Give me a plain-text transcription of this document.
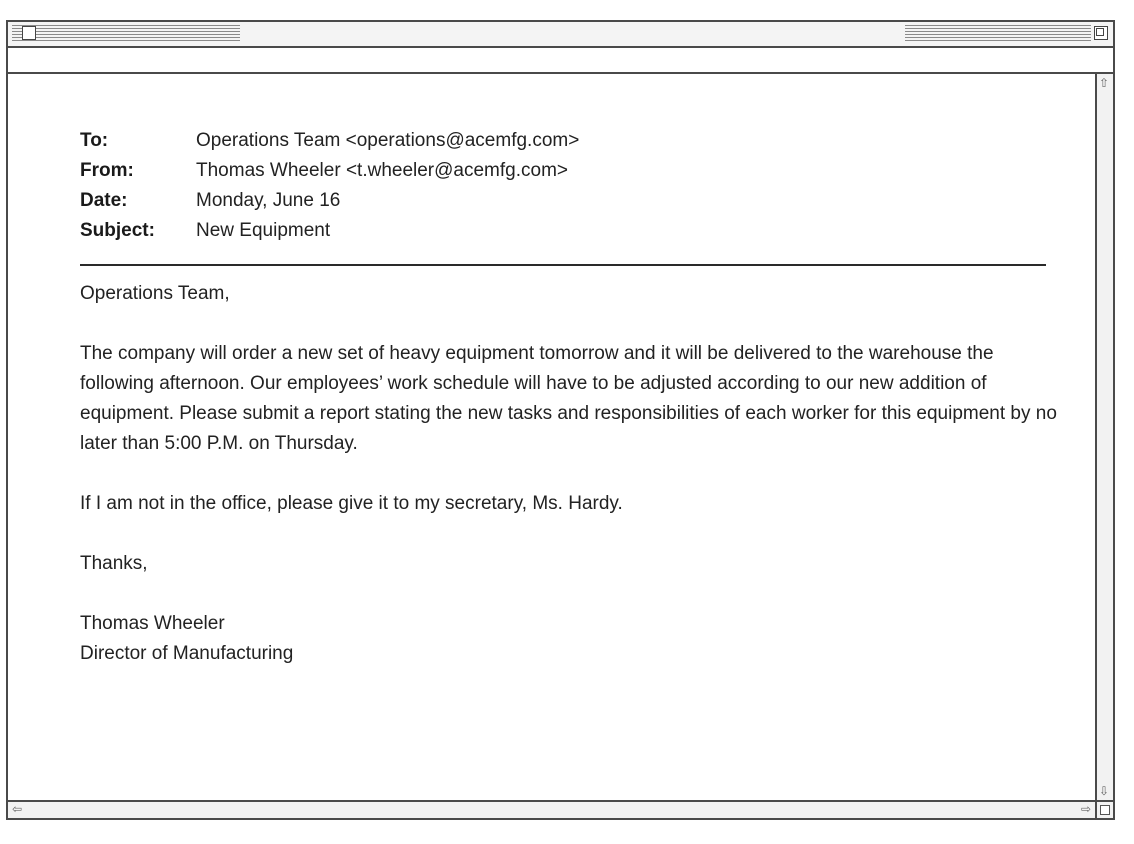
To:	Operations Team <operations@acemfg.com>
From:	Thomas Wheeler <t.wheeler@acemfg.com>
Date:	Monday, June 16
Subject:	New Equipment

Operations Team,

The company will order a new set of heavy equipment tomorrow and it will be delivered to the warehouse the following afternoon. Our employees’ work schedule will have to be adjusted according to our new addition of equipment. Please submit a report stating the new tasks and responsibilities of each worker for this equipment by no later than 5:00 P.M. on Thursday.

If I am not in the office, please give it to my secretary, Ms. Hardy.

Thanks,

Thomas Wheeler

Director of Manufacturing

⇧
⇩
⇦	⇨
